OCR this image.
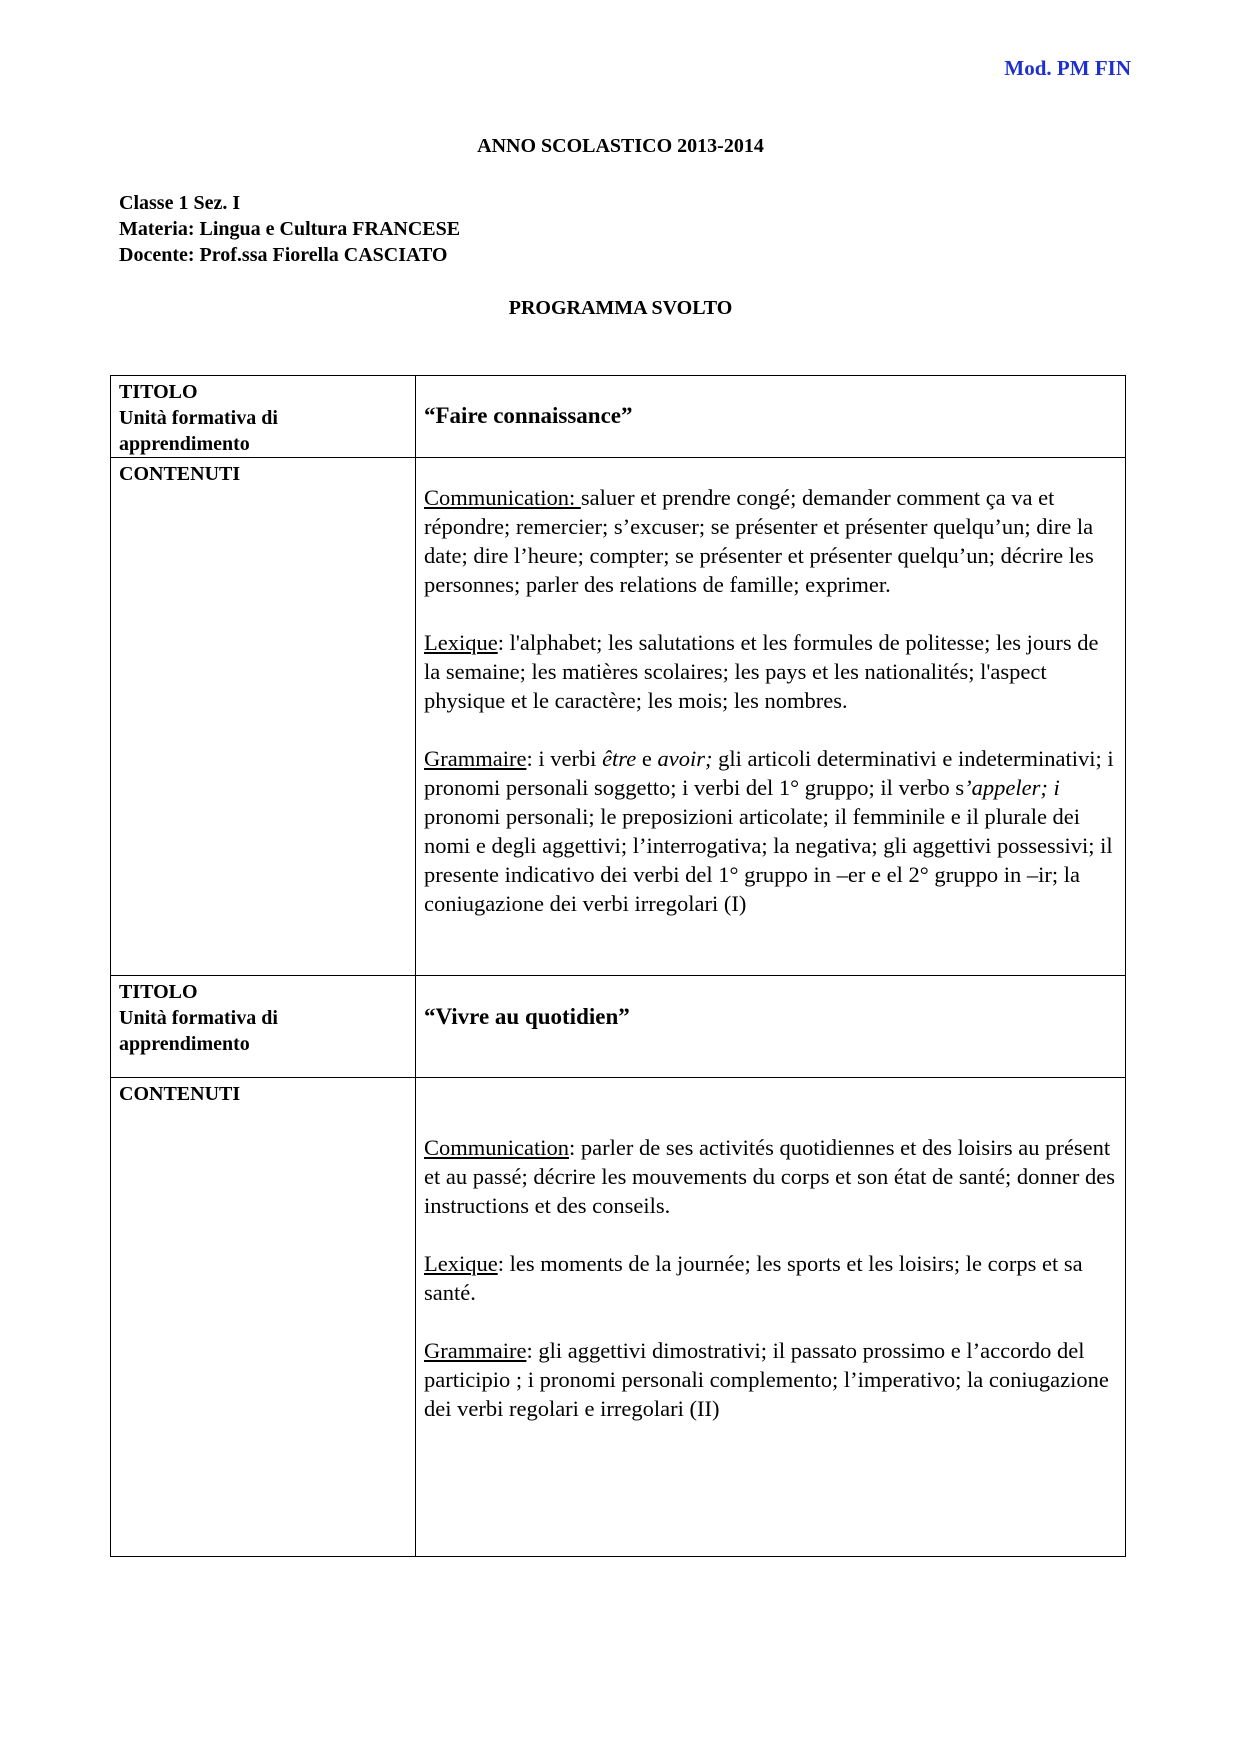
Mod. PM FIN
ANNO SCOLASTICO 2013-2014
Classe 1 Sez. I
Materia: Lingua e Cultura FRANCESE
Docente: Prof.ssa Fiorella CASCIATO
PROGRAMMA SVOLTO
TITOLO
Unità formativa di
apprendimento	“Faire connaissance”

CONTENUTI	Communication: saluer et prendre congé; demander comment ça va et répondre; remercier; s’excuser; se présenter et présenter quelqu’un; dire la date; dire l’heure; compter; se présenter et présenter quelqu’un; décrire les personnes; parler des relations de famille; exprimer.

Lexique: l'alphabet; les salutations et les formules de politesse; les jours de la semaine; les matières scolaires; les pays et les nationalités; l'aspect physique et le caractère; les mois; les nombres.

Grammaire: i verbi être e avoir; gli articoli determinativi e indeterminativi; i pronomi personali soggetto; i verbi del 1° gruppo; il verbo s’appeler; i pronomi personali; le preposizioni articolate; il femminile e il plurale dei nomi e degli aggettivi; l’interrogativa; la negativa; gli aggettivi possessivi; il presente indicativo dei verbi del 1° gruppo in –er e el 2° gruppo in –ir; la coniugazione dei verbi irregolari (I)

TITOLO
Unità formativa di
apprendimento	“Vivre au quotidien”

CONTENUTI	Communication: parler de ses activités quotidiennes et des loisirs au présent et au passé; décrire les mouvements du corps et son état de santé; donner des instructions et des conseils.

Lexique: les moments de la journée; les sports et les loisirs; le corps et sa santé.

Grammaire: gli aggettivi dimostrativi; il passato prossimo e l’accordo del participio ; i pronomi personali complemento; l’imperativo; la coniugazione dei verbi regolari e irregolari (II)
